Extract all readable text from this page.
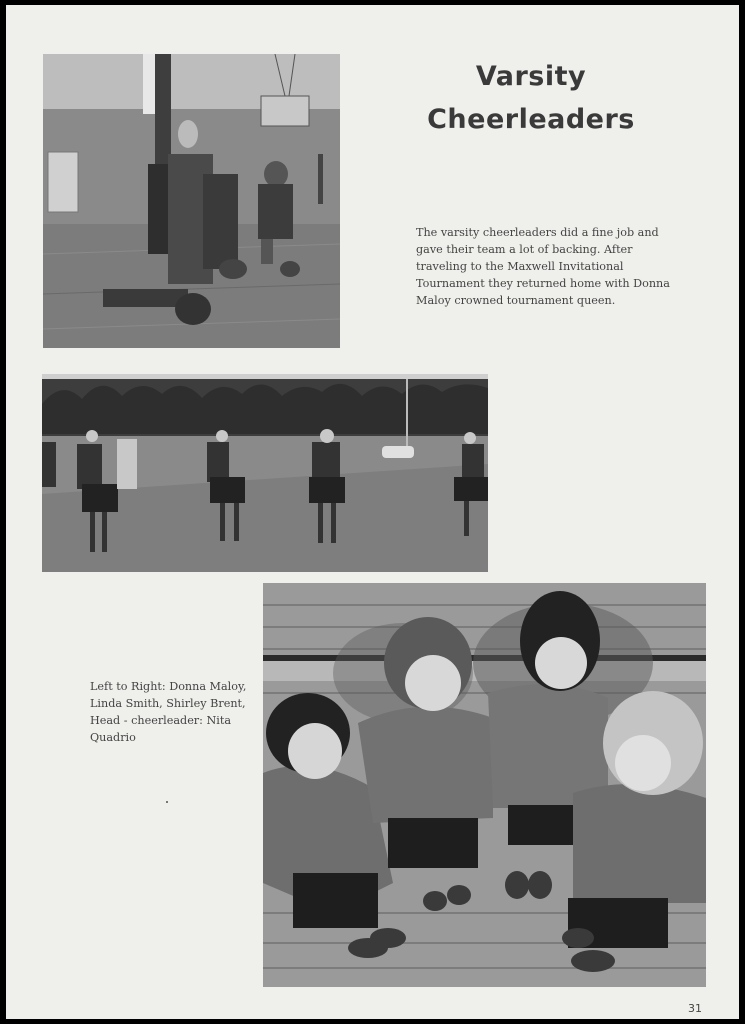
Varsity
Cheerleaders

The varsity cheerleaders did a fine job and gave their team a lot of backing. After traveling to the Maxwell Invitational Tournament they returned home with Donna Maloy crowned tournament queen.

Left to Right: Donna Maloy, Linda Smith, Shirley Brent, Head - cheerleader: Nita Quadrio

31
